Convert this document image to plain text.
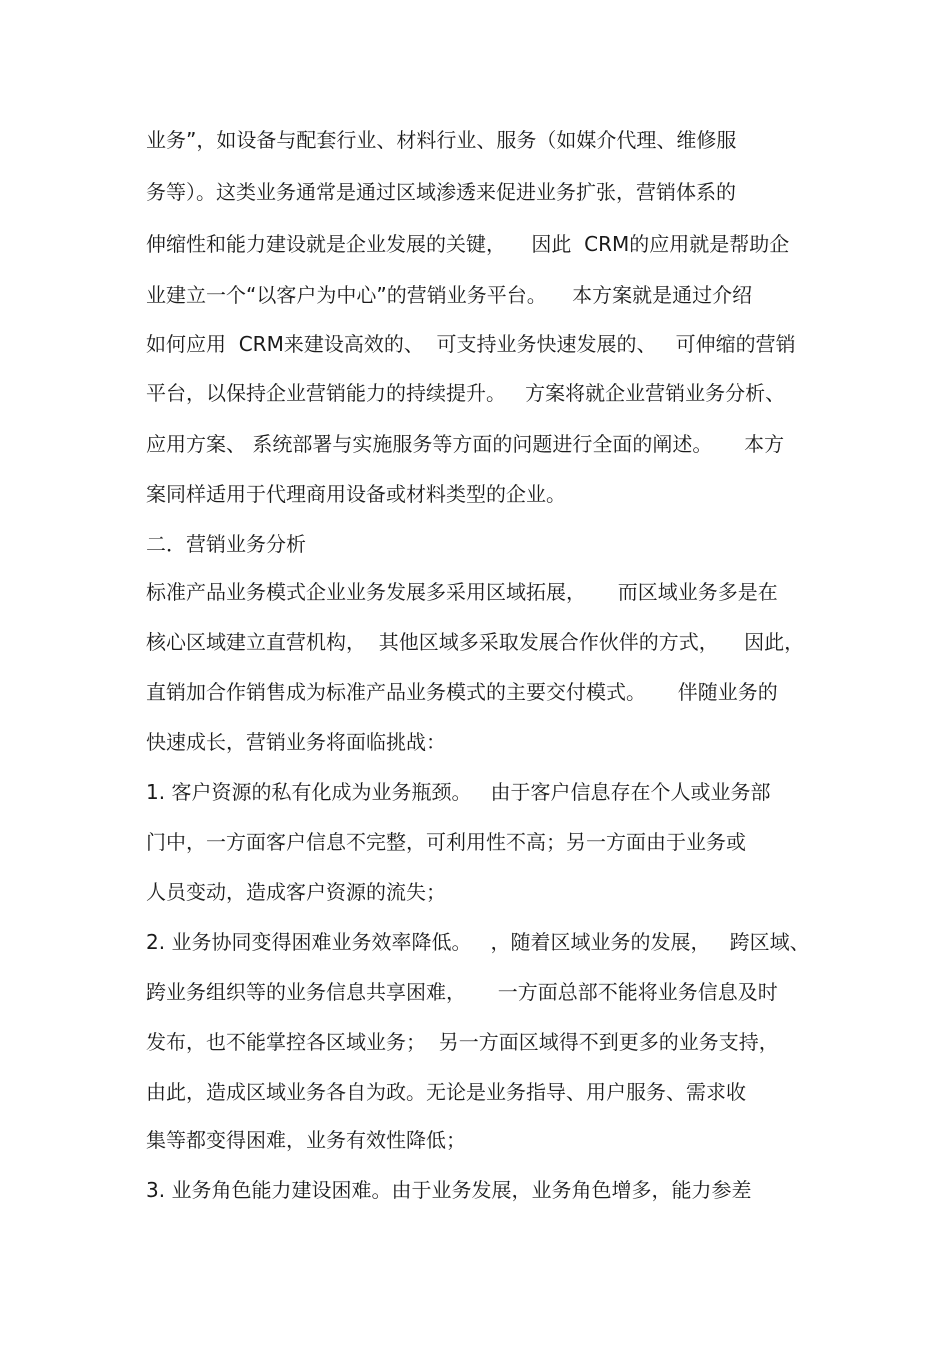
业务”，如设备与配套行业、材料行业、服务（如媒介代理、维修服

务等）。这类业务通常是通过区域渗透来促进业务扩张，营销体系的

伸缩性和能力建设就是企业发展的关键，    因此  CRM的应用就是帮助企

业建立一个“以客户为中心”的营销业务平台。    本方案就是通过介绍

如何应用  CRM来建设高效的、  可支持业务快速发展的、   可伸缩的营销

平台，以保持企业营销能力的持续提升。   方案将就企业营销业务分析、

应用方案、 系统部署与实施服务等方面的问题进行全面的阐述。     本方

案同样适用于代理商用设备或材料类型的企业。

二．营销业务分析

标准产品业务模式企业业务发展多采用区域拓展，     而区域业务多是在

核心区域建立直营机构，  其他区域多采取发展合作伙伴的方式，    因此，

直销加合作销售成为标准产品业务模式的主要交付模式。     伴随业务的

快速成长，营销业务将面临挑战：

1. 客户资源的私有化成为业务瓶颈。   由于客户信息存在个人或业务部

门中，一方面客户信息不完整，可利用性不高；另一方面由于业务或

人员变动，造成客户资源的流失；

2. 业务协同变得困难业务效率降低。   ，随着区域业务的发展，   跨区域、

跨业务组织等的业务信息共享困难，     一方面总部不能将业务信息及时

发布，也不能掌控各区域业务；  另一方面区域得不到更多的业务支持，

由此，造成区域业务各自为政。无论是业务指导、用户服务、需求收

集等都变得困难，业务有效性降低；

3. 业务角色能力建设困难。由于业务发展，业务角色增多，能力参差
